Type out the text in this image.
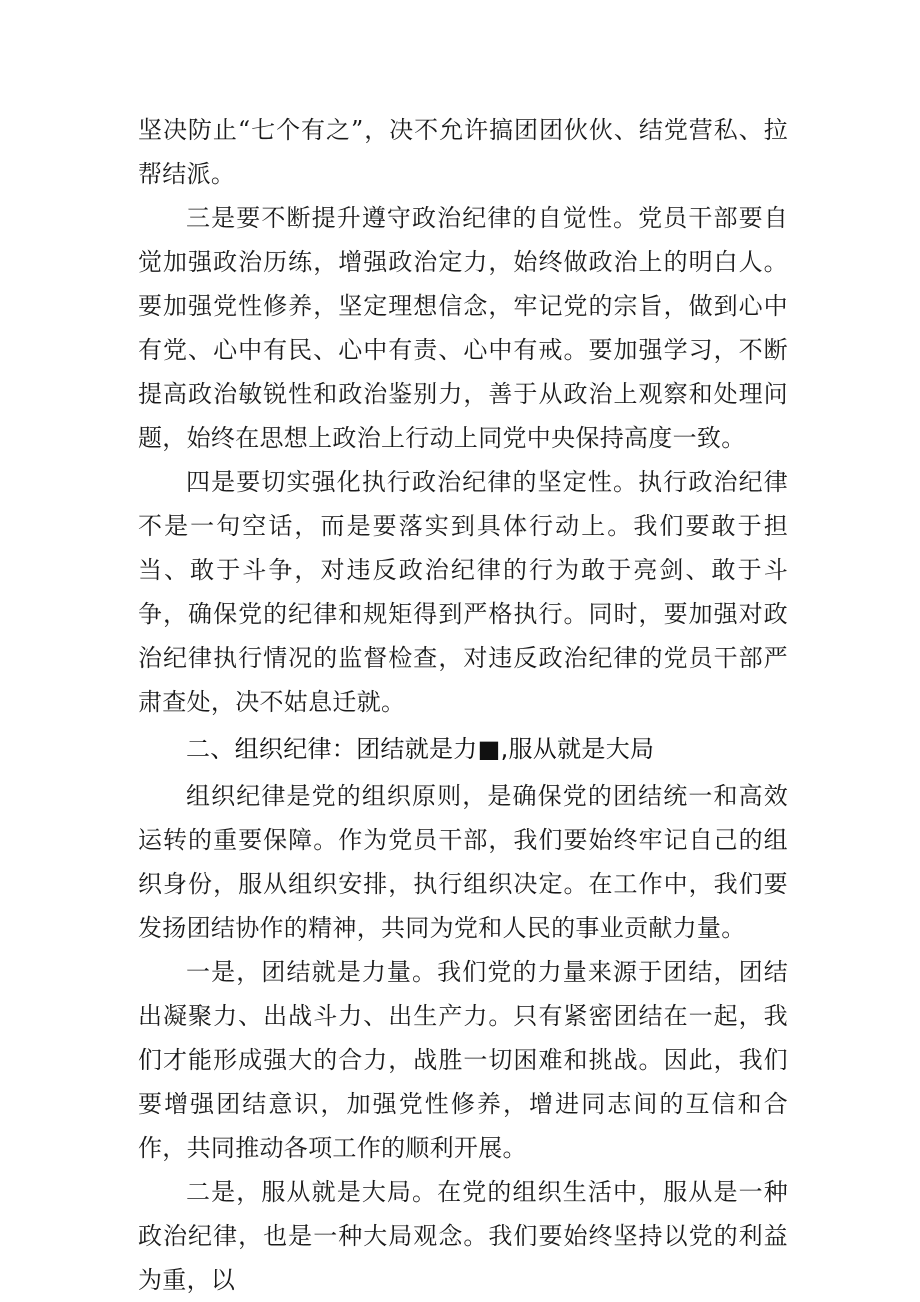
坚决防止“七个有之”，决不允许搞团团伙伙、结党营私、拉帮结派。

三是要不断提升遵守政治纪律的自觉性。党员干部要自觉加强政治历练，增强政治定力，始终做政治上的明白人。要加强党性修养，坚定理想信念，牢记党的宗旨，做到心中有党、心中有民、心中有责、心中有戒。要加强学习，不断提高政治敏锐性和政治鉴别力，善于从政治上观察和处理问题，始终在思想上政治上行动上同党中央保持高度一致。

四是要切实强化执行政治纪律的坚定性。执行政治纪律不是一句空话，而是要落实到具体行动上。我们要敢于担当、敢于斗争，对违反政治纪律的行为敢于亮剑、敢于斗争，确保党的纪律和规矩得到严格执行。同时，要加强对政治纪律执行情况的监督检查，对违反政治纪律的党员干部严肃查处，决不姑息迁就。

二、组织纪律：团结就是力■,服从就是大局

组织纪律是党的组织原则，是确保党的团结统一和高效运转的重要保障。作为党员干部，我们要始终牢记自己的组织身份，服从组织安排，执行组织决定。在工作中，我们要发扬团结协作的精神，共同为党和人民的事业贡献力量。

一是，团结就是力量。我们党的力量来源于团结，团结出凝聚力、出战斗力、出生产力。只有紧密团结在一起，我们才能形成强大的合力，战胜一切困难和挑战。因此，我们要增强团结意识，加强党性修养，增进同志间的互信和合作，共同推动各项工作的顺利开展。

二是，服从就是大局。在党的组织生活中，服从是一种政治纪律，也是一种大局观念。我们要始终坚持以党的利益为重，以
